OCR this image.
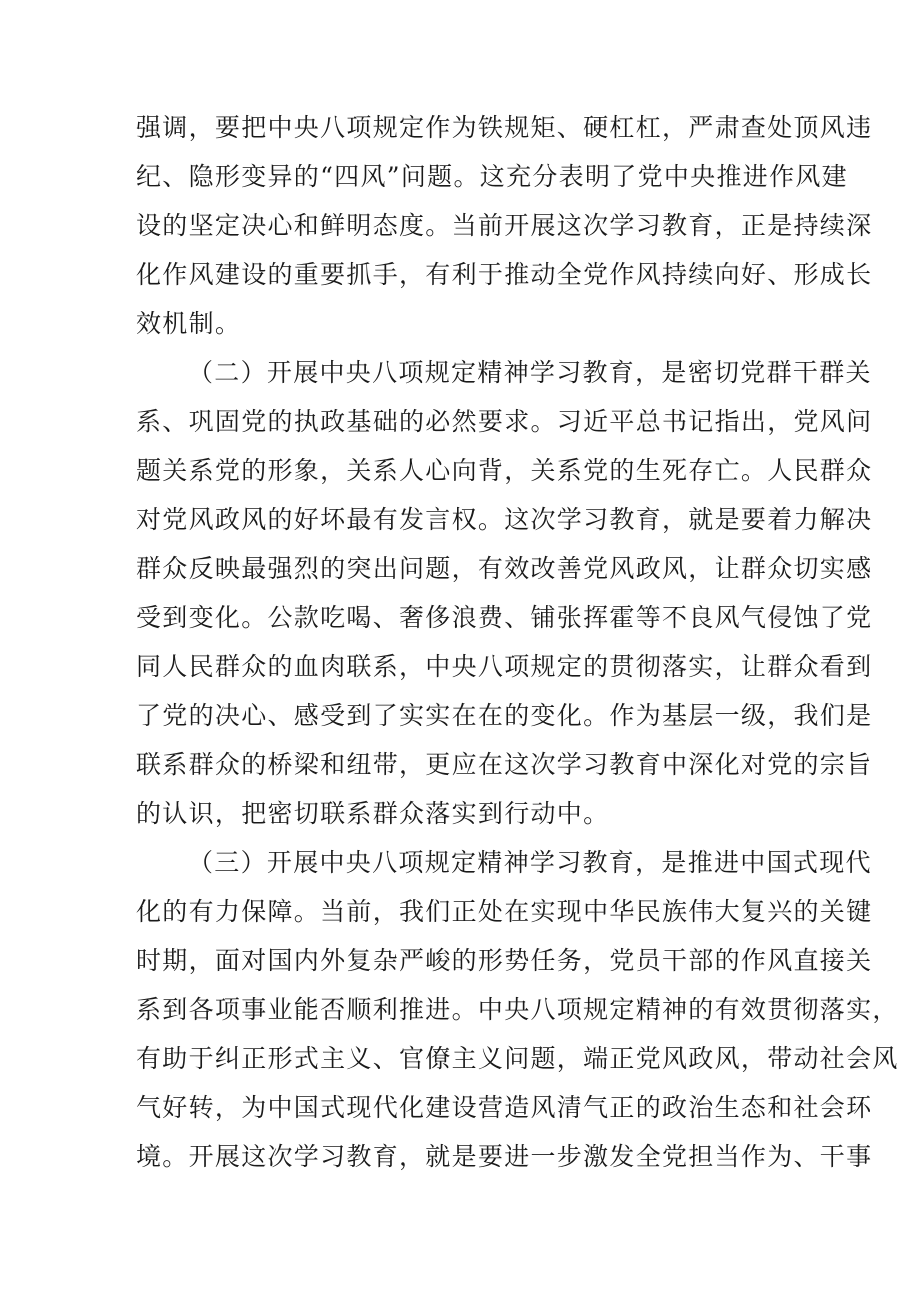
强调，要把中央八项规定作为铁规矩、硬杠杠，严肃查处顶风违
纪、隐形变异的“四风”问题。这充分表明了党中央推进作风建
设的坚定决心和鲜明态度。当前开展这次学习教育，正是持续深
化作风建设的重要抓手，有利于推动全党作风持续向好、形成长
效机制。
（二）开展中央八项规定精神学习教育，是密切党群干群关
系、巩固党的执政基础的必然要求。习近平总书记指出，党风问
题关系党的形象，关系人心向背，关系党的生死存亡。人民群众
对党风政风的好坏最有发言权。这次学习教育，就是要着力解决
群众反映最强烈的突出问题，有效改善党风政风，让群众切实感
受到变化。公款吃喝、奢侈浪费、铺张挥霍等不良风气侵蚀了党
同人民群众的血肉联系，中央八项规定的贯彻落实，让群众看到
了党的决心、感受到了实实在在的变化。作为基层一级，我们是
联系群众的桥梁和纽带，更应在这次学习教育中深化对党的宗旨
的认识，把密切联系群众落实到行动中。
（三）开展中央八项规定精神学习教育，是推进中国式现代
化的有力保障。当前，我们正处在实现中华民族伟大复兴的关键
时期，面对国内外复杂严峻的形势任务，党员干部的作风直接关
系到各项事业能否顺利推进。中央八项规定精神的有效贯彻落实，
有助于纠正形式主义、官僚主义问题，端正党风政风，带动社会风
气好转，为中国式现代化建设营造风清气正的政治生态和社会环
境。开展这次学习教育，就是要进一步激发全党担当作为、干事
